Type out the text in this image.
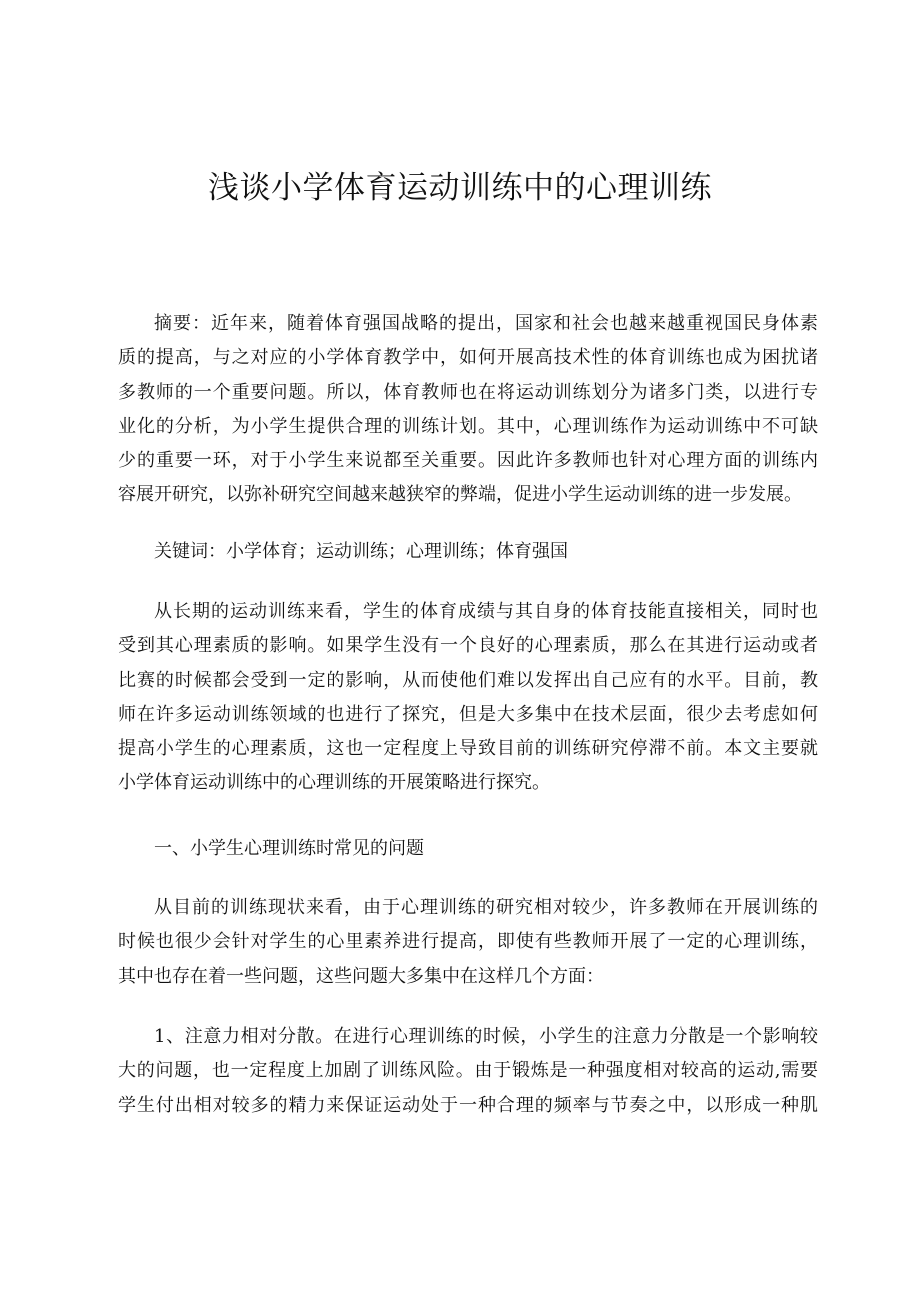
浅谈小学体育运动训练中的心理训练

摘要：近年来，随着体育强国战略的提出，国家和社会也越来越重视国民身体素
质的提高，与之对应的小学体育教学中，如何开展高技术性的体育训练也成为困扰诸
多教师的一个重要问题。所以，体育教师也在将运动训练划分为诸多门类，以进行专
业化的分析，为小学生提供合理的训练计划。其中，心理训练作为运动训练中不可缺
少的重要一环，对于小学生来说都至关重要。因此许多教师也针对心理方面的训练内
容展开研究，以弥补研究空间越来越狭窄的弊端，促进小学生运动训练的进一步发展。

关键词：小学体育；运动训练；心理训练；体育强国

从长期的运动训练来看，学生的体育成绩与其自身的体育技能直接相关，同时也
受到其心理素质的影响。如果学生没有一个良好的心理素质，那么在其进行运动或者
比赛的时候都会受到一定的影响，从而使他们难以发挥出自己应有的水平。目前，教
师在许多运动训练领域的也进行了探究，但是大多集中在技术层面，很少去考虑如何
提高小学生的心理素质，这也一定程度上导致目前的训练研究停滞不前。本文主要就
小学体育运动训练中的心理训练的开展策略进行探究。

一、小学生心理训练时常见的问题

从目前的训练现状来看，由于心理训练的研究相对较少，许多教师在开展训练的
时候也很少会针对学生的心里素养进行提高，即使有些教师开展了一定的心理训练，
其中也存在着一些问题，这些问题大多集中在这样几个方面：

1、注意力相对分散。在进行心理训练的时候，小学生的注意力分散是一个影响较
大的问题，也一定程度上加剧了训练风险。由于锻炼是一种强度相对较高的运动,需要
学生付出相对较多的精力来保证运动处于一种合理的频率与节奏之中，以形成一种肌
